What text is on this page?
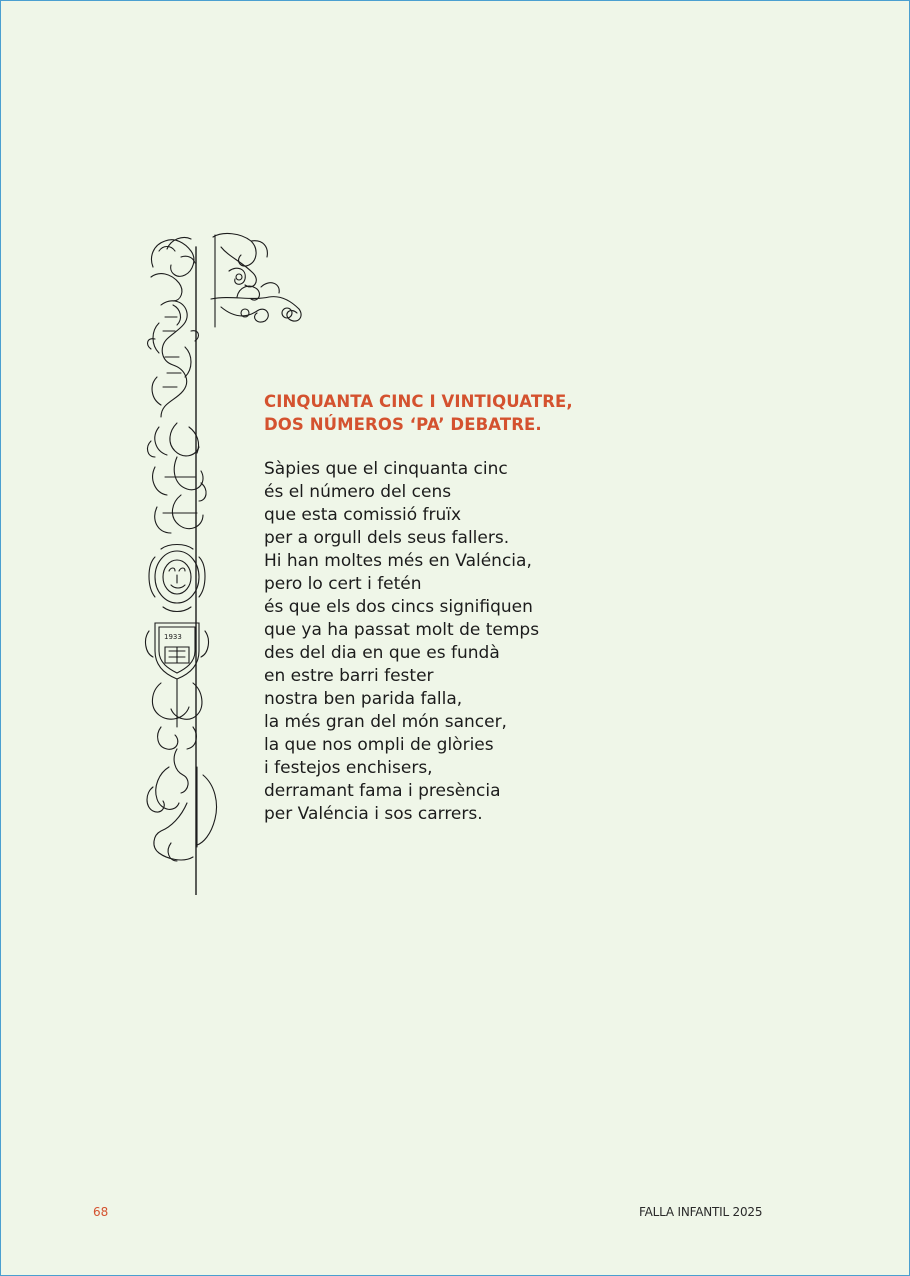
1933
CINQUANTA CINC I VINTIQUATRE,
DOS NÚMEROS ‘PA’ DEBATRE.
Sàpies que el cinquanta cinc
és el número del cens
que esta comissió fruïx
per a orgull dels seus fallers.
Hi han moltes més en Valéncia,
pero lo cert i fetén
és que els dos cincs signifiquen
que ya ha passat molt de temps
des del dia en que es fundà
en estre barri fester
nostra ben parida falla,
la més gran del món sancer,
la que nos ompli de glòries
i festejos enchisers,
derramant fama i presència
per Valéncia i sos carrers.
68	FALLA INFANTIL 2025
